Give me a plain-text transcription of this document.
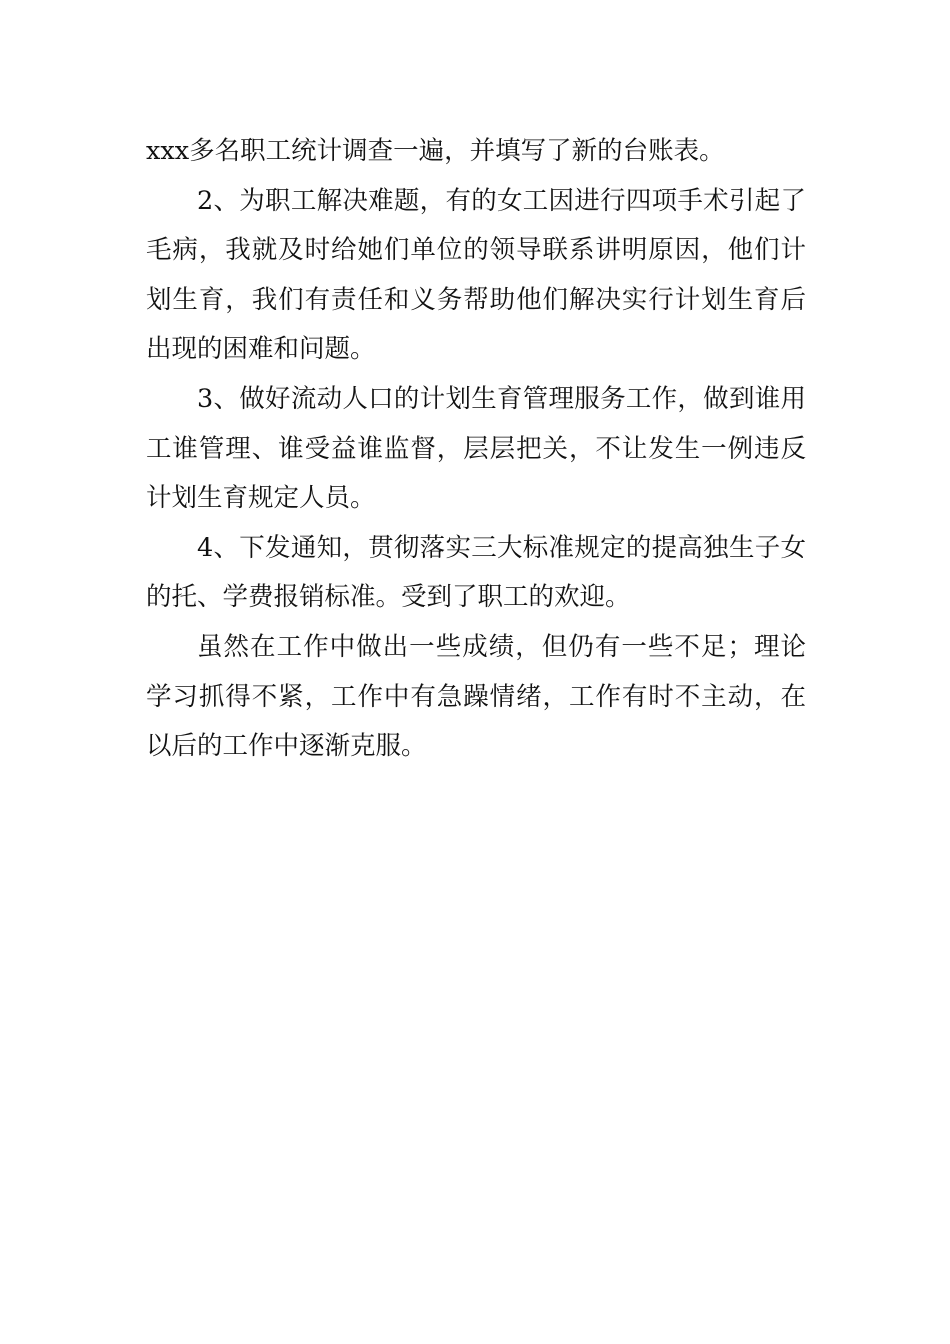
xxx多名职工统计调查一遍，并填写了新的台账表。

2、为职工解决难题，有的女工因进行四项手术引起了毛病，我就及时给她们单位的领导联系讲明原因，他们计划生育，我们有责任和义务帮助他们解决实行计划生育后出现的困难和问题。

3、做好流动人口的计划生育管理服务工作，做到谁用工谁管理、谁受益谁监督，层层把关，不让发生一例违反计划生育规定人员。

4、下发通知，贯彻落实三大标准规定的提高独生子女的托、学费报销标准。受到了职工的欢迎。

虽然在工作中做出一些成绩，但仍有一些不足；理论学习抓得不紧，工作中有急躁情绪，工作有时不主动，在以后的工作中逐渐克服。
